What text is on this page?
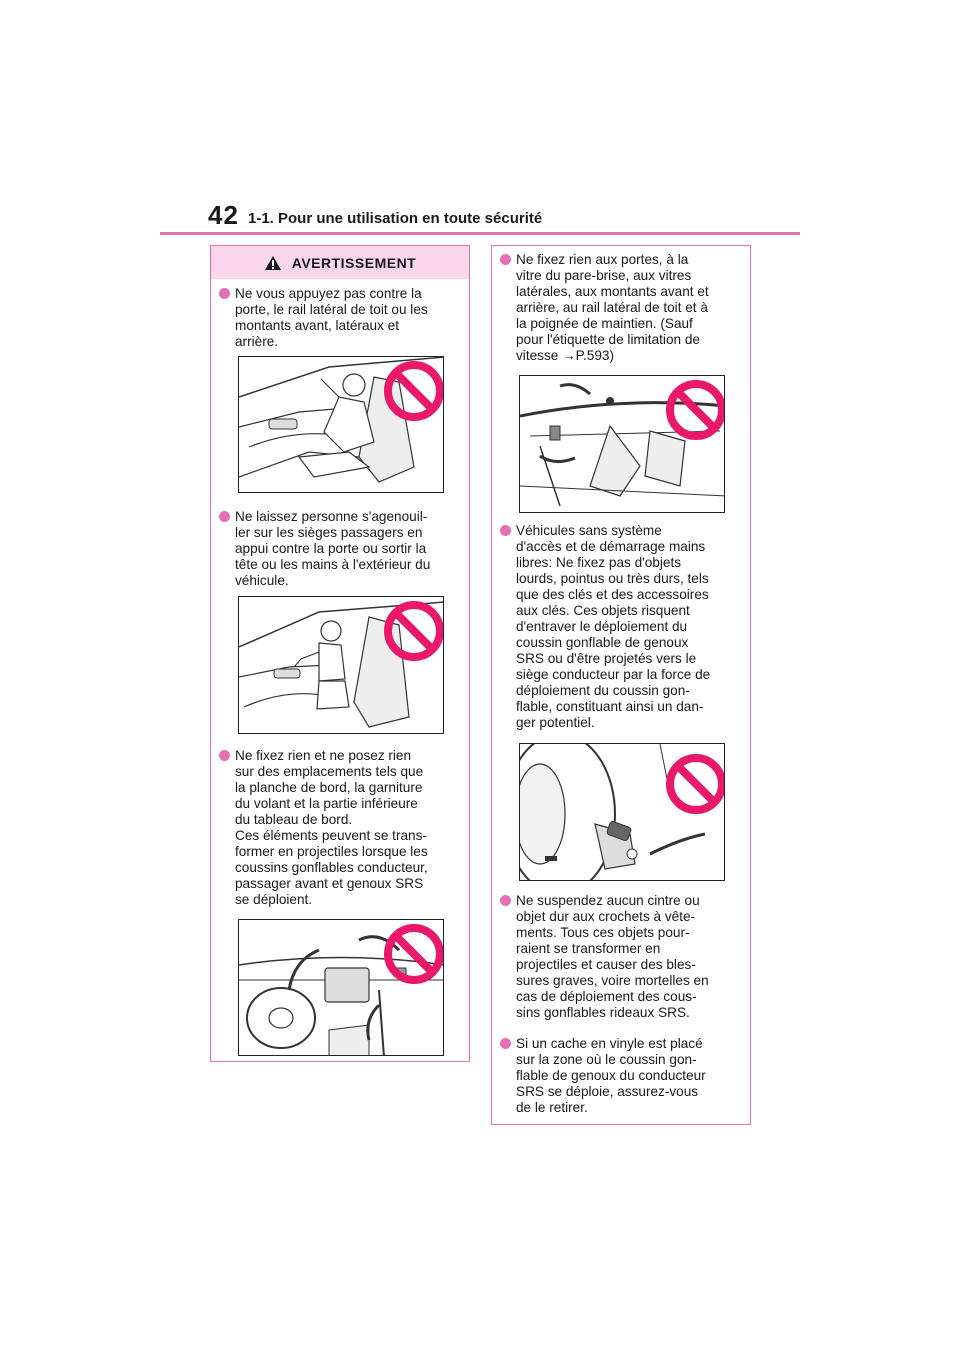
42 1-1. Pour une utilisation en toute sécurité
AVERTISSEMENT
Ne vous appuyez pas contre la
porte, le rail latéral de toit ou les
montants avant, latéraux et
arrière.
Ne laissez personne s'agenouil-
ler sur les sièges passagers en
appui contre la porte ou sortir la
tête ou les mains à l'extérieur du
véhicule.
Ne fixez rien et ne posez rien
sur des emplacements tels que
la planche de bord, la garniture
du volant et la partie inférieure
du tableau de bord.
Ces éléments peuvent se trans-
former en projectiles lorsque les
coussins gonflables conducteur,
passager avant et genoux SRS
se déploient.
Ne fixez rien aux portes, à la
vitre du pare-brise, aux vitres
latérales, aux montants avant et
arrière, au rail latéral de toit et à
la poignée de maintien. (Sauf
pour l'étiquette de limitation de
vitesse →P.593)
Véhicules sans système
d'accès et de démarrage mains
libres: Ne fixez pas d'objets
lourds, pointus ou très durs, tels
que des clés et des accessoires
aux clés. Ces objets risquent
d'entraver le déploiement du
coussin gonflable de genoux
SRS ou d'être projetés vers le
siège conducteur par la force de
déploiement du coussin gon-
flable, constituant ainsi un dan-
ger potentiel.
Ne suspendez aucun cintre ou
objet dur aux crochets à vête-
ments. Tous ces objets pour-
raient se transformer en
projectiles et causer des bles-
sures graves, voire mortelles en
cas de déploiement des cous-
sins gonflables rideaux SRS.
Si un cache en vinyle est placé
sur la zone où le coussin gon-
flable de genoux du conducteur
SRS se déploie, assurez-vous
de le retirer.
